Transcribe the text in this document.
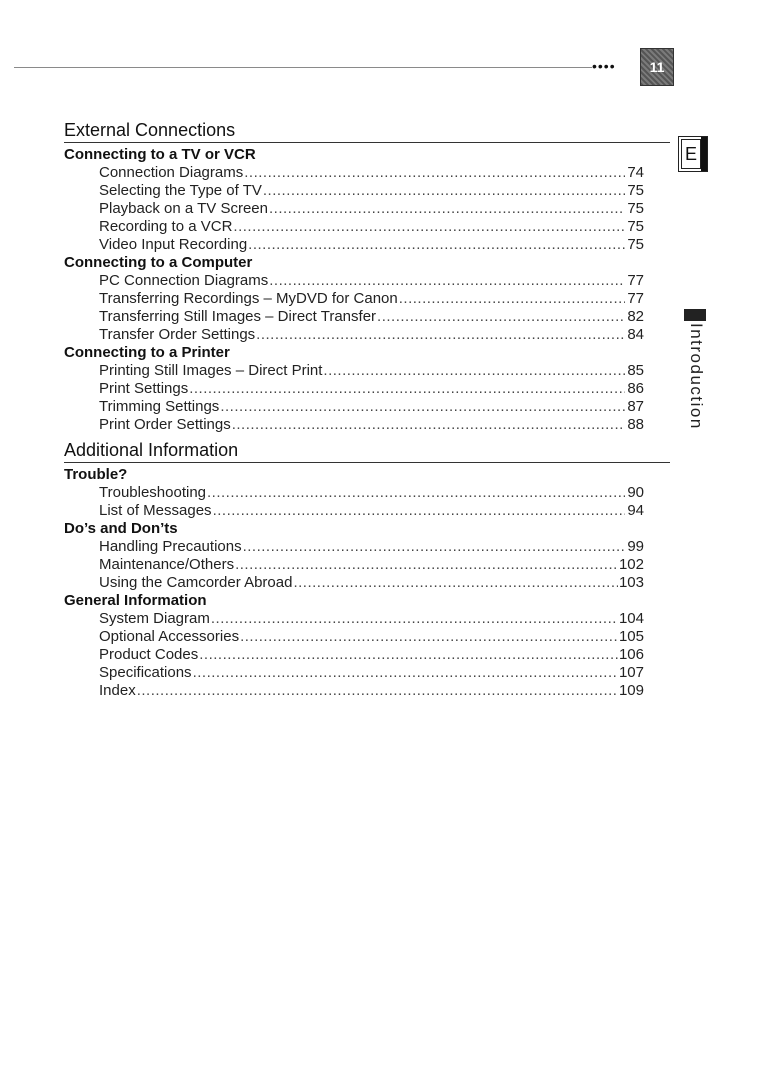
••••	11
E
Introduction
External Connections
Connecting to a TV or VCR
Connection Diagrams .....	74
Selecting the Type of TV .....	75
Playback on a TV Screen .....	75
Recording to a VCR .....	75
Video Input Recording .....	75
Connecting to a Computer
PC Connection Diagrams .....	77
Transferring Recordings – MyDVD for Canon .....	77
Transferring Still Images – Direct Transfer .....	82
Transfer Order Settings .....	84
Connecting to a Printer
Printing Still Images – Direct Print .....	85
Print Settings .....	86
Trimming Settings .....	87
Print Order Settings .....	88
Additional Information
Trouble?
Troubleshooting .....	90
List of Messages .....	94
Do’s and Don’ts
Handling Precautions .....	99
Maintenance/Others .....	102
Using the Camcorder Abroad .....	103
General Information
System Diagram .....	104
Optional Accessories .....	105
Product Codes .....	106
Specifications .....	107
Index .....	109
